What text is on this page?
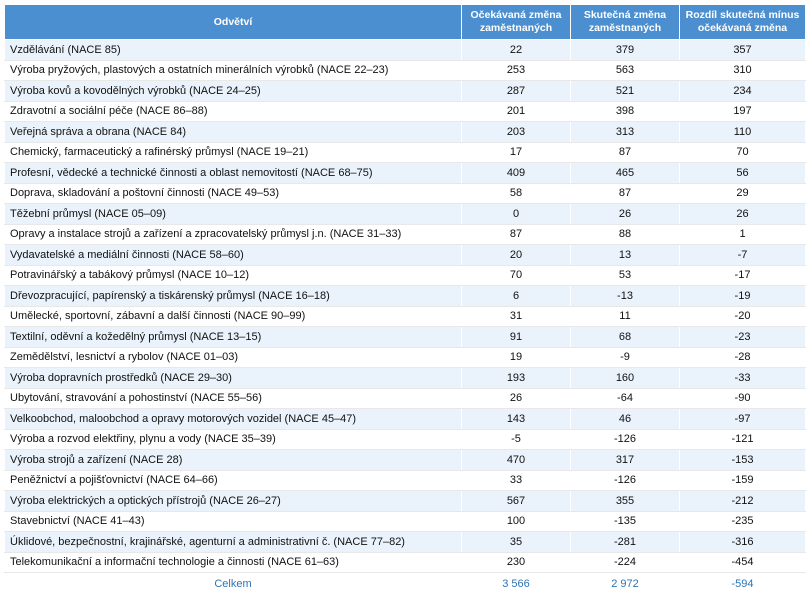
Odvětví	Očekávaná změna zaměstnaných	Skutečná změna zaměstnaných	Rozdíl skutečná mínus očekávaná změna
Vzdělávání (NACE 85)	22	379	357
Výroba pryžových, plastových a ostatních minerálních výrobků (NACE 22–23)	253	563	310
Výroba kovů a kovodělných výrobků (NACE 24–25)	287	521	234
Zdravotní a sociální péče (NACE 86–88)	201	398	197
Veřejná správa a obrana (NACE 84)	203	313	110
Chemický, farmaceutický a rafinérský průmysl (NACE 19–21)	17	87	70
Profesní, vědecké a technické činnosti a oblast nemovitostí (NACE 68–75)	409	465	56
Doprava, skladování a poštovní činnosti (NACE 49–53)	58	87	29
Těžební průmysl (NACE 05–09)	0	26	26
Opravy a instalace strojů a zařízení a zpracovatelský průmysl j.n. (NACE 31–33)	87	88	1
Vydavatelské a mediální činnosti (NACE 58–60)	20	13	-7
Potravinářský a tabákový průmysl (NACE 10–12)	70	53	-17
Dřevozpracující, papírenský a tiskárenský průmysl (NACE 16–18)	6	-13	-19
Umělecké, sportovní, zábavní a další činnosti (NACE 90–99)	31	11	-20
Textilní, oděvní a kožedělný průmysl (NACE 13–15)	91	68	-23
Zemědělství, lesnictví a rybolov (NACE 01–03)	19	-9	-28
Výroba dopravních prostředků (NACE 29–30)	193	160	-33
Ubytování, stravování a pohostinství (NACE 55–56)	26	-64	-90
Velkoobchod, maloobchod a opravy motorových vozidel (NACE 45–47)	143	46	-97
Výroba a rozvod elektřiny, plynu a vody (NACE 35–39)	-5	-126	-121
Výroba strojů a zařízení (NACE 28)	470	317	-153
Peněžnictví a pojišťovnictví (NACE 64–66)	33	-126	-159
Výroba elektrických a optických přístrojů (NACE 26–27)	567	355	-212
Stavebnictví (NACE 41–43)	100	-135	-235
Úklidové, bezpečnostní, krajinářské, agenturní a administrativní č. (NACE 77–82)	35	-281	-316
Telekomunikační a informační technologie a činnosti (NACE 61–63)	230	-224	-454
Celkem	3 566	2 972	-594
